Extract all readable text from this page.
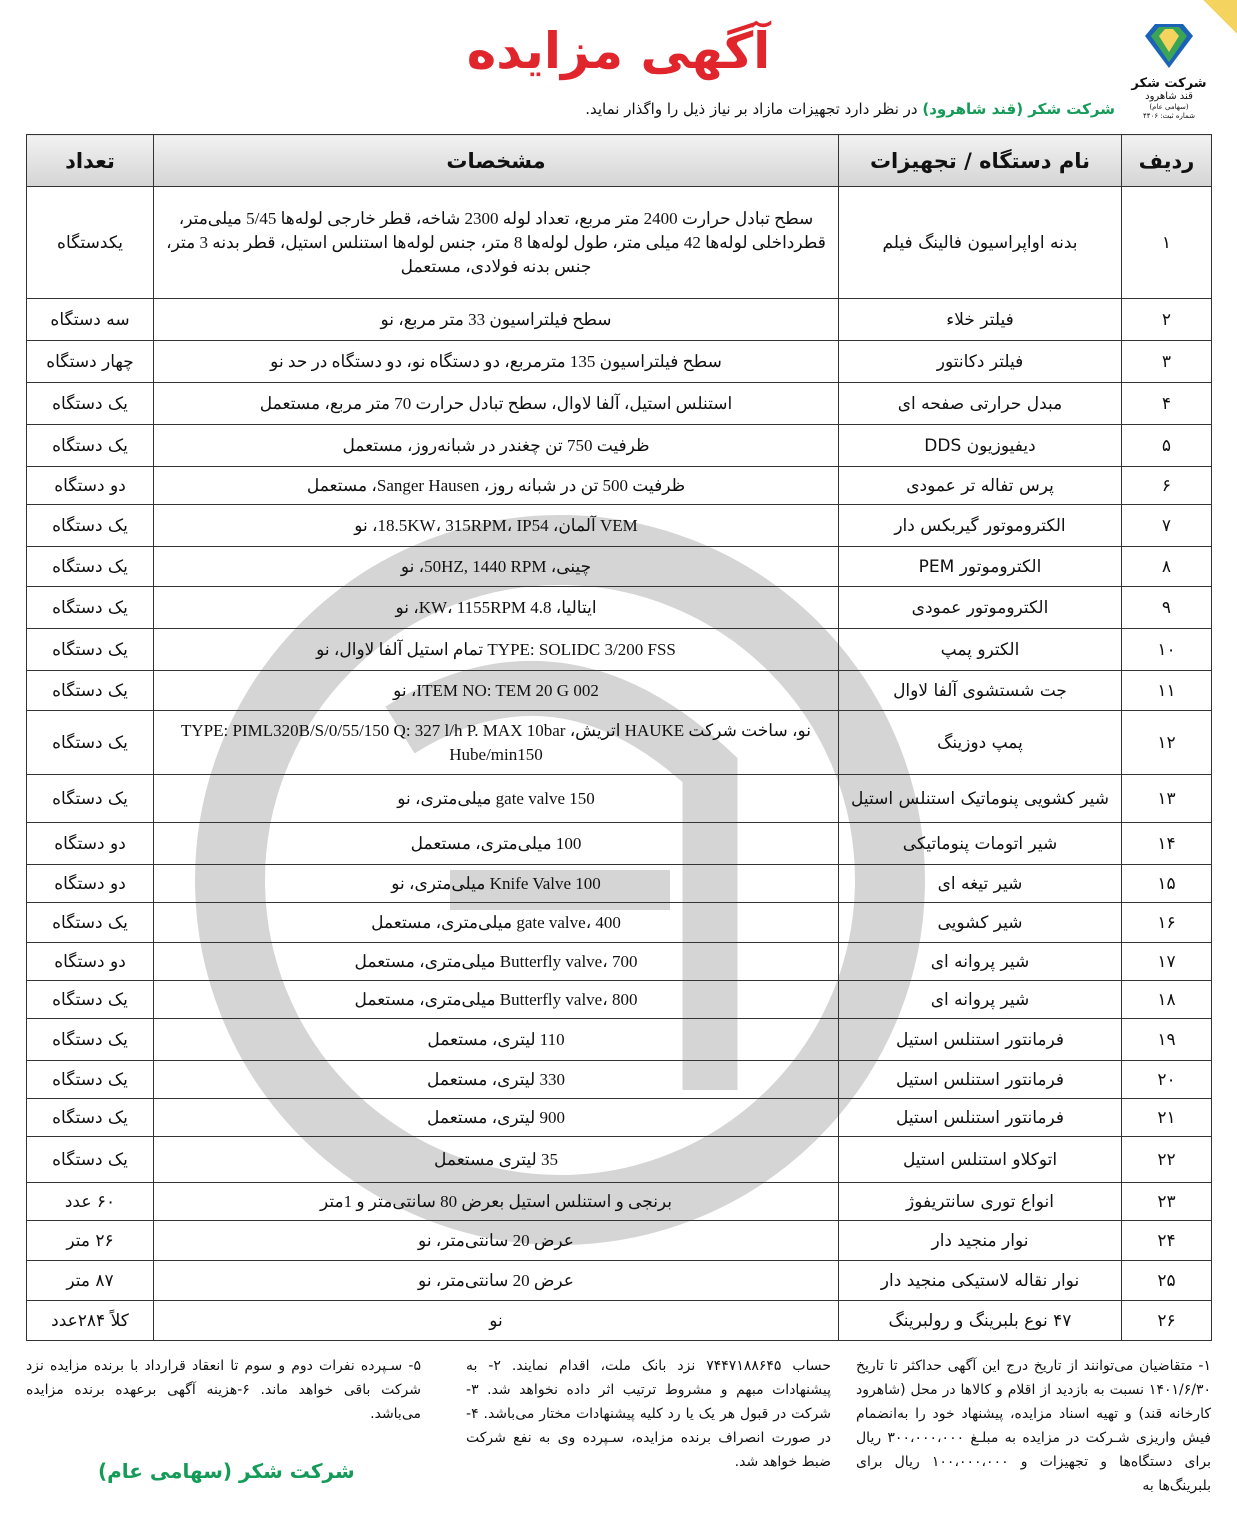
شرکت شکر
قند شاهرود
(سهامی عام)
شماره ثبت: ۴۴۰۶
آگهی مزایده
شرکت شکر (قند شاهرود) در نظر دارد تجهیزات مازاد بر نیاز ذیل را واگذار نماید.
ردیف	نام دستگاه / تجهیزات	مشخصات	تعداد
۱	بدنه اواپراسیون فالینگ فیلم	سطح تبادل حرارت 2400 متر مربع، تعداد لوله 2300 شاخه، قطر خارجی لوله‌ها 5/45 میلی‌متر، قطرداخلی لوله‌ها 42 میلی متر، طول لوله‌ها 8 متر، جنس لوله‌ها استنلس استیل، قطر بدنه 3 متر، جنس بدنه فولادی، مستعمل	یکدستگاه
۲	فیلتر خلاء	سطح فیلتراسیون 33 متر مربع، نو	سه دستگاه
۳	فیلتر دکانتور	سطح فیلتراسیون 135 مترمربع، دو دستگاه نو، دو دستگاه در حد نو	چهار دستگاه
۴	مبدل حرارتی صفحه ای	استنلس استیل، آلفا لاوال، سطح تبادل حرارت 70 متر مربع، مستعمل	یک دستگاه
۵	دیفیوزیون DDS	ظرفیت 750 تن چغندر در شبانه‌روز، مستعمل	یک دستگاه
۶	پرس تفاله تر عمودی	ظرفیت 500 تن در شبانه روز، Sanger Hausen، مستعمل	دو دستگاه
۷	الکتروموتور گیربکس دار	VEM آلمان، 18.5KW، 315RPM، IP54، نو	یک دستگاه
۸	الکتروموتور PEM	چینی، 50HZ, 1440 RPM، نو	یک دستگاه
۹	الکتروموتور عمودی	ایتالیا، 4.8 KW، 1155RPM، نو	یک دستگاه
۱۰	الکترو پمپ	TYPE: SOLIDC 3/200 FSS تمام استیل آلفا لاوال، نو	یک دستگاه
۱۱	جت شستشوی آلفا لاوال	ITEM NO: TEM 20 G 002، نو	یک دستگاه
۱۲	پمپ دوزینگ	نو، ساخت شرکت HAUKE اتریش، TYPE: PIML320B/S/0/55/150 Q: 327 l/h P. MAX 10bar Hube/min150	یک دستگاه
۱۳	شیر کشویی پنوماتیک استنلس استیل	150 gate valve میلی‌متری، نو	یک دستگاه
۱۴	شیر اتومات پنوماتیکی	100 میلی‌متری، مستعمل	دو دستگاه
۱۵	شیر تیغه ای	100 Knife Valve میلی‌متری، نو	دو دستگاه
۱۶	شیر کشویی	gate valve، 400 میلی‌متری، مستعمل	یک دستگاه
۱۷	شیر پروانه ای	Butterfly valve، 700 میلی‌متری، مستعمل	دو دستگاه
۱۸	شیر پروانه ای	Butterfly valve، 800 میلی‌متری، مستعمل	یک دستگاه
۱۹	فرمانتور استنلس استیل	110 لیتری، مستعمل	یک دستگاه
۲۰	فرمانتور استنلس استیل	330 لیتری، مستعمل	یک دستگاه
۲۱	فرمانتور استنلس استیل	900 لیتری، مستعمل	یک دستگاه
۲۲	اتوکلاو استنلس استیل	35 لیتری مستعمل	یک دستگاه
۲۳	انواع توری سانتریفوژ	برنجی و استنلس استیل بعرض 80 سانتی‌متر و 1متر	۶۰ عدد
۲۴	نوار منجید دار	عرض 20 سانتی‌متر، نو	۲۶ متر
۲۵	نوار نقاله لاستیکی منجید دار	عرض 20 سانتی‌متر، نو	۸۷ متر
۲۶	۴۷ نوع بلبرینگ و رولبرینگ	نو	کلاً ۲۸۴عدد
۱- متقاضیان می‌توانند از تاریخ درج این آگهی حداکثر تا تاریخ ۱۴۰۱/۶/۳۰ نسبت به بازدید از اقلام و کالاها در محل (شاهرود کارخانه قند) و تهیه اسناد مزایده، پیشنهاد خود را به‌انضمام فیش واریزی شـرکت در مزایده به مبلـغ ۳۰۰،۰۰۰،۰۰۰ ریال برای دستگاه‌ها و تجهیزات و ۱۰۰،۰۰۰،۰۰۰ ریال برای بلبرینگ‌ها به
حساب ۷۴۴۷۱۸۸۶۴۵ نزد بانک ملت، اقدام نمایند. ۲- به پیشنهادات مبهم و مشروط ترتیب اثر داده نخواهد شد. ۳- شرکت در قبول هر یک یا رد کلیه پیشنهادات مختار می‌باشد. ۴- در صورت انصراف برنده مزایده، سـپرده وی به نفع شرکت ضبط خواهد شد.
۵- سـپرده نفرات دوم و سوم تا انعقاد قرارداد با برنده مزایده نزد شرکت باقی خواهد ماند. ۶-هزینه آگهی برعهده برنده مزایده می‌باشد.
شرکت شکر (سهامی عام)
